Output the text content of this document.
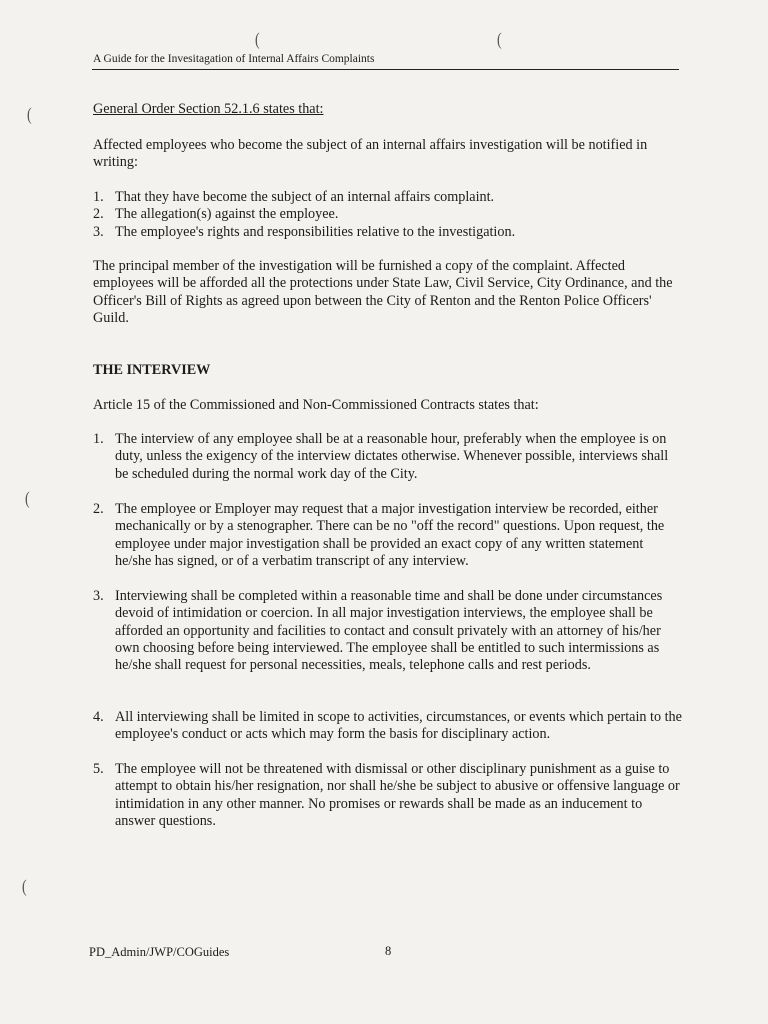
(	(
(
(
(
A Guide for the Invesitagation of Internal Affairs Complaints
General Order Section 52.1.6 states that:
Affected employees who become the subject of an internal affairs investigation will be notified in writing:
1. That they have become the subject of an internal affairs complaint.
2. The allegation(s) against the employee.
3. The employee's rights and responsibilities relative to the investigation.
The principal member of the investigation will be furnished a copy of the complaint. Affected employees will be afforded all the protections under State Law, Civil Service, City Ordinance, and the Officer's Bill of Rights as agreed upon between the City of Renton and the Renton Police Officers' Guild.
THE INTERVIEW
Article 15 of the Commissioned and Non-Commissioned Contracts states that:
1. The interview of any employee shall be at a reasonable hour, preferably when the employee is on duty, unless the exigency of the interview dictates otherwise. Whenever possible, interviews shall be scheduled during the normal work day of the City.
2. The employee or Employer may request that a major investigation interview be recorded, either mechanically or by a stenographer. There can be no "off the record" questions. Upon request, the employee under major investigation shall be provided an exact copy of any written statement he/she has signed, or of a verbatim transcript of any interview.
3. Interviewing shall be completed within a reasonable time and shall be done under circumstances devoid of intimidation or coercion. In all major investigation interviews, the employee shall be afforded an opportunity and facilities to contact and consult privately with an attorney of his/her own choosing before being interviewed. The employee shall be entitled to such intermissions as he/she shall request for personal necessities, meals, telephone calls and rest periods.
4. All interviewing shall be limited in scope to activities, circumstances, or events which pertain to the employee's conduct or acts which may form the basis for disciplinary action.
5. The employee will not be threatened with dismissal or other disciplinary punishment as a guise to attempt to obtain his/her resignation, nor shall he/she be subject to abusive or offensive language or intimidation in any other manner. No promises or rewards shall be made as an inducement to answer questions.
PD_Admin/JWP/COGuides	8
